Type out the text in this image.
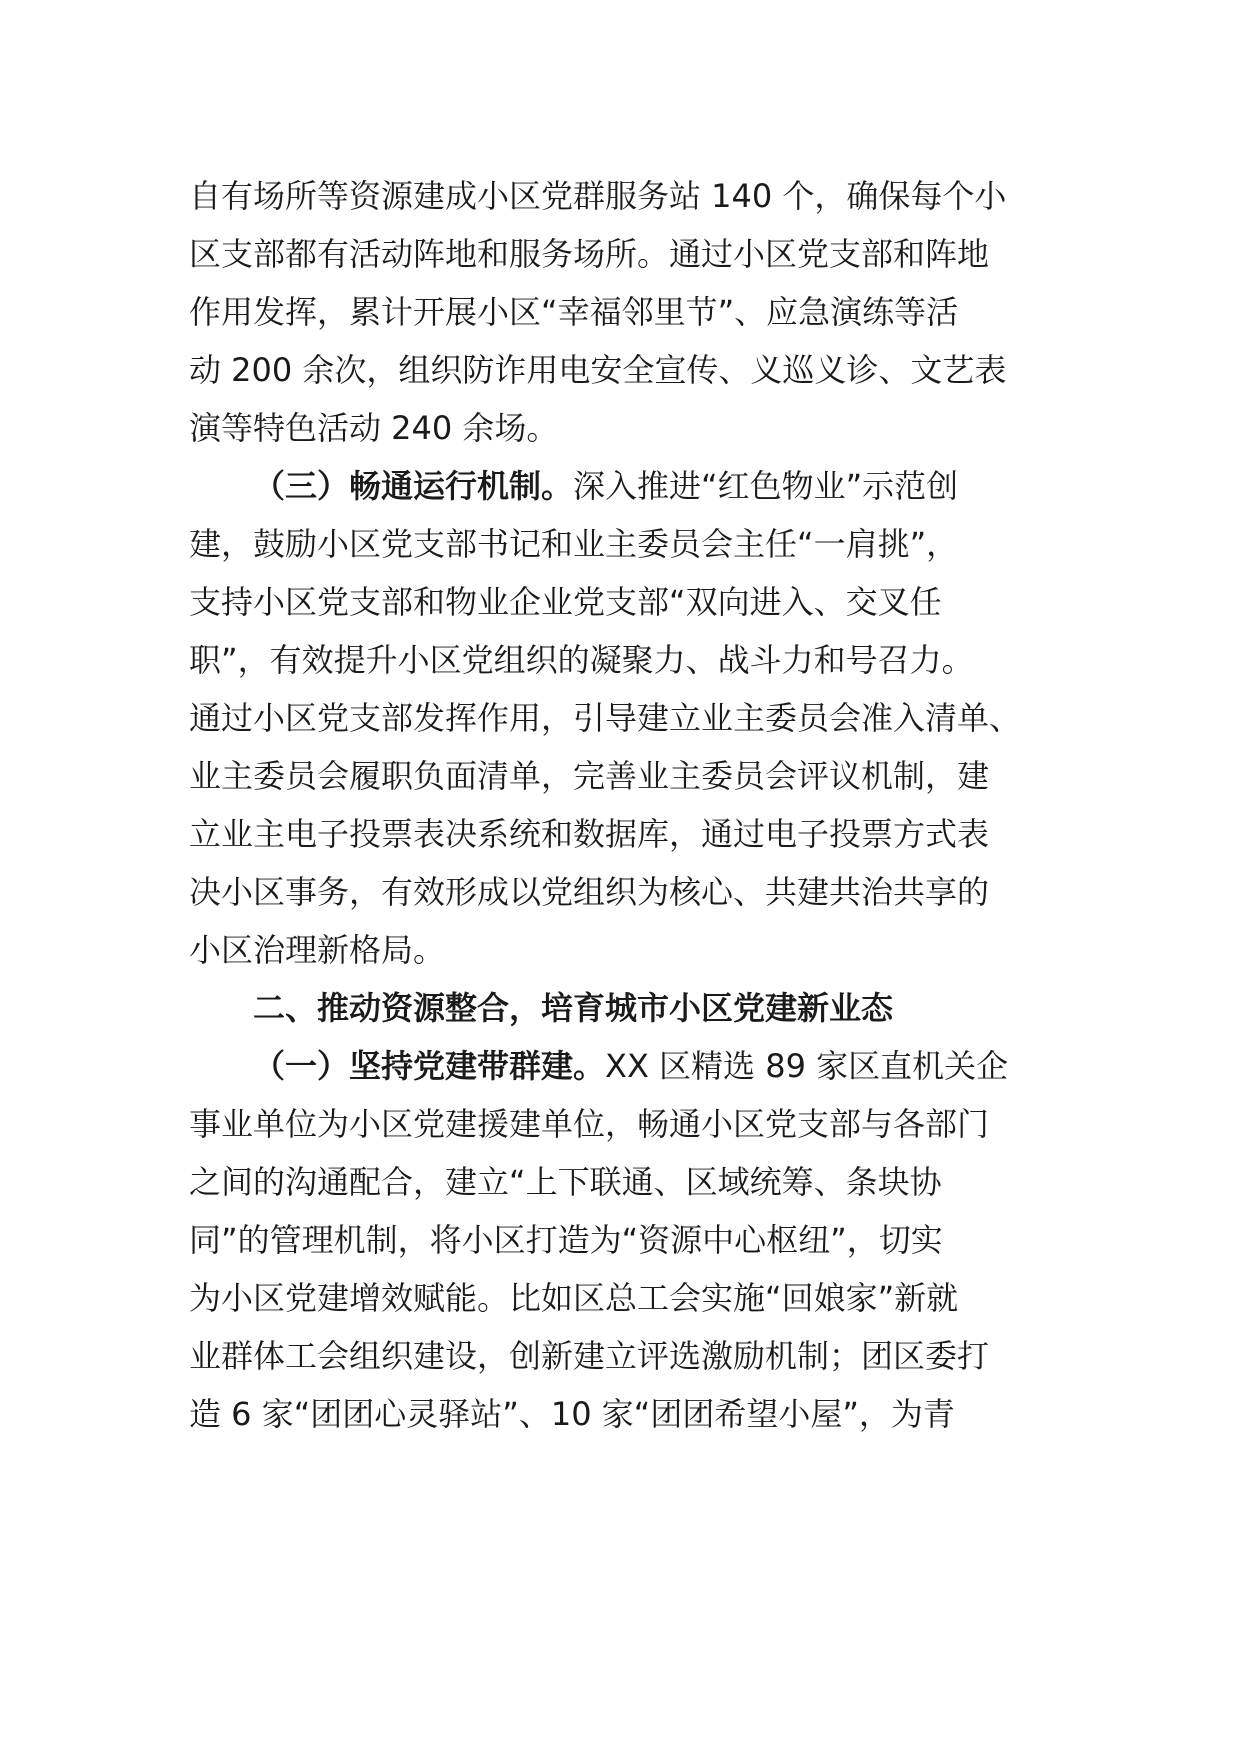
自有场所等资源建成小区党群服务站 140 个，确保每个小
区支部都有活动阵地和服务场所。通过小区党支部和阵地
作用发挥，累计开展小区“幸福邻里节”、应急演练等活
动 200 余次，组织防诈用电安全宣传、义巡义诊、文艺表
演等特色活动 240 余场。
（三）畅通运行机制。深入推进“红色物业”示范创
建，鼓励小区党支部书记和业主委员会主任“一肩挑”，
支持小区党支部和物业企业党支部“双向进入、交叉任
职”，有效提升小区党组织的凝聚力、战斗力和号召力。
通过小区党支部发挥作用，引导建立业主委员会准入清单、
业主委员会履职负面清单，完善业主委员会评议机制，建
立业主电子投票表决系统和数据库，通过电子投票方式表
决小区事务，有效形成以党组织为核心、共建共治共享的
小区治理新格局。
二、推动资源整合，培育城市小区党建新业态
（一）坚持党建带群建。XX 区精选 89 家区直机关企
事业单位为小区党建援建单位，畅通小区党支部与各部门
之间的沟通配合，建立“上下联通、区域统筹、条块协
同”的管理机制，将小区打造为“资源中心枢纽”，切实
为小区党建增效赋能。比如区总工会实施“回娘家”新就
业群体工会组织建设，创新建立评选激励机制；团区委打
造 6 家“团团心灵驿站”、10 家“团团希望小屋”，为青
